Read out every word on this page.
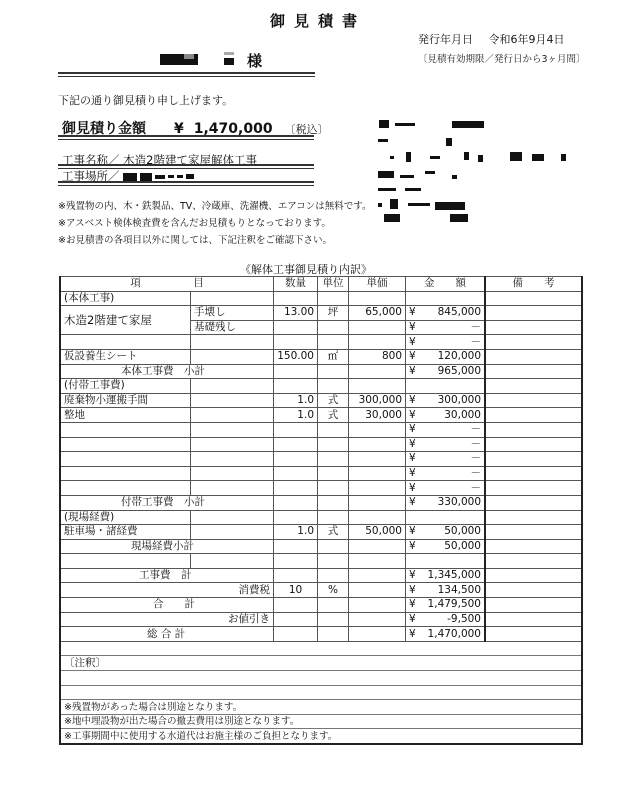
御見積書
発行年月日 令和6年9月4日
〔見積有効期限／発行日から3ヶ月間〕
様
下記の通り御見積り申し上げます。
御見積り金額 ¥ 1,470,000 〔税込〕
工事名称／ 木造2階建て家屋解体工事
工事場所／
※残置物の内、木・鉄製品、TV、冷蔵庫、洗濯機、エアコンは無料です。
※アスベスト検体検査費を含んだお見積もりとなっております。
※お見積書の各項目以外に関しては、下記注釈をご確認下さい。
《解体工事御見積り内訳》
項　　　　　目		数量	単位	単価	金　　額	備　　考
(本体工事)						
木造2階建て家屋	手壊し	13.00	坪	65,000	¥ 845,000	

	基礎残し				¥ －	

					¥ －	

仮設養生シート		150.00	㎡	800	¥ 120,000	

本体工事費　小計					¥ 965,000	

(付帯工事費)						
廃棄物小運搬手間		1.0	式	300,000	¥ 300,000	

整地		1.0	式	30,000	¥ 30,000	

					¥ －	

					¥ －	

					¥ －	

					¥ －	

					¥ －	

付帯工事費　小計					¥ 330,000	

(現場経費)						
駐車場・諸経費		1.0	式	50,000	¥ 50,000	

現場経費小計					¥ 50,000	

工事費　計					¥ 1,345,000	

消費税		10	%		¥ 134,500	

合　　計					¥ 1,479,500	

お値引き					¥ -9,500	

総 合 計					¥ 1,470,000	

〔注釈〕						

※残置物があった場合は別途となります。						
※地中埋設物が出た場合の撤去費用は別途となります。						
※工事期間中に使用する水道代はお施主様のご負担となります。						
